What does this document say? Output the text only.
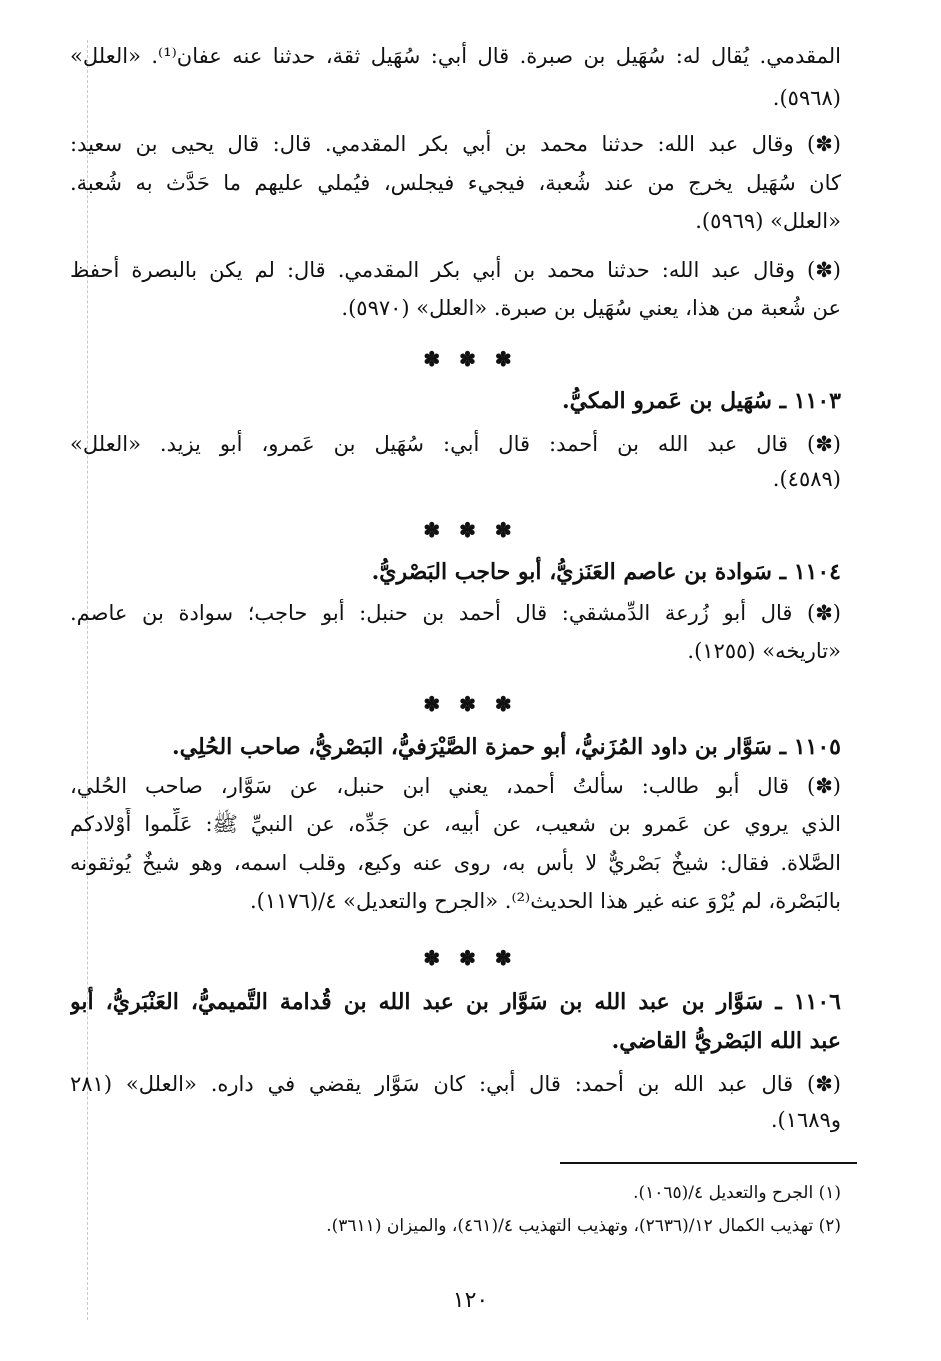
المقدمي. يُقال له: سُهَيل بن صبرة. قال أبي: سُهَيل ثقة، حدثنا عنه عفان⁽¹⁾. «العلل»
(٥٩٦٨).
(✽) وقال عبد الله: حدثنا محمد بن أبي بكر المقدمي. قال: قال يحيى بن سعيد:
كان سُهَيل يخرج من عند شُعبة، فيجيء فيجلس، فيُملي عليهم ما حَدَّث به شُعبة.
«العلل» (٥٩٦٩).
(✽) وقال عبد الله: حدثنا محمد بن أبي بكر المقدمي. قال: لم يكن بالبصرة أحفظ
عن شُعبة من هذا، يعني سُهَيل بن صبرة. «العلل» (٥٩٧٠).
✽ ✽ ✽
١١٠٣ ـ سُهَيل بن عَمرو المكيُّ.
(✽) قال عبد الله بن أحمد: قال أبي: سُهَيل بن عَمرو، أبو يزيد. «العلل»
(٤٥٨٩).
✽ ✽ ✽
١١٠٤ ـ سَوادة بن عاصم العَنَزيُّ، أبو حاجب البَصْريُّ.
(✽) قال أبو زُرعة الدِّمشقي: قال أحمد بن حنبل: أبو حاجب؛ سوادة بن عاصم.
«تاريخه» (١٢٥٥).
✽ ✽ ✽
١١٠٥ ـ سَوَّار بن داود المُزَنيُّ، أبو حمزة الصَّيْرَفيُّ، البَصْريُّ، صاحب الحُلِي.
(✽) قال أبو طالب: سأَلتُ أحمد، يعني ابن حنبل، عن سَوَّار، صاحب الحُلي،
الذي يروي عن عَمرو بن شعيب، عن أبيه، عن جَدِّه، عن النبيِّ ﷺ: عَلِّموا أَوْلادكم
الصَّلاة. فقال: شيخٌ بَصْريٌّ لا بأس به، روى عنه وكيع، وقلب اسمه، وهو شيخٌ يُوثقونه
بالبَصْرة، لم يُرْوَ عنه غير هذا الحديث⁽²⁾. «الجرح والتعديل» ٤/(١١٧٦).
✽ ✽ ✽
١١٠٦ ـ سَوَّار بن عبد الله بن سَوَّار بن عبد الله بن قُدامة التَّميميُّ، العَنْبَريُّ، أبو
عبد الله البَصْريُّ القاضي.
(✽) قال عبد الله بن أحمد: قال أبي: كان سَوَّار يقضي في داره. «العلل» (٢٨١
و١٦٨٩).
(١) الجرح والتعديل ٤/(١٠٦٥).
(٢) تهذيب الكمال ١٢/(٢٦٣٦)، وتهذيب التهذيب ٤/(٤٦١)، والميزان (٣٦١١).
١٢٠
